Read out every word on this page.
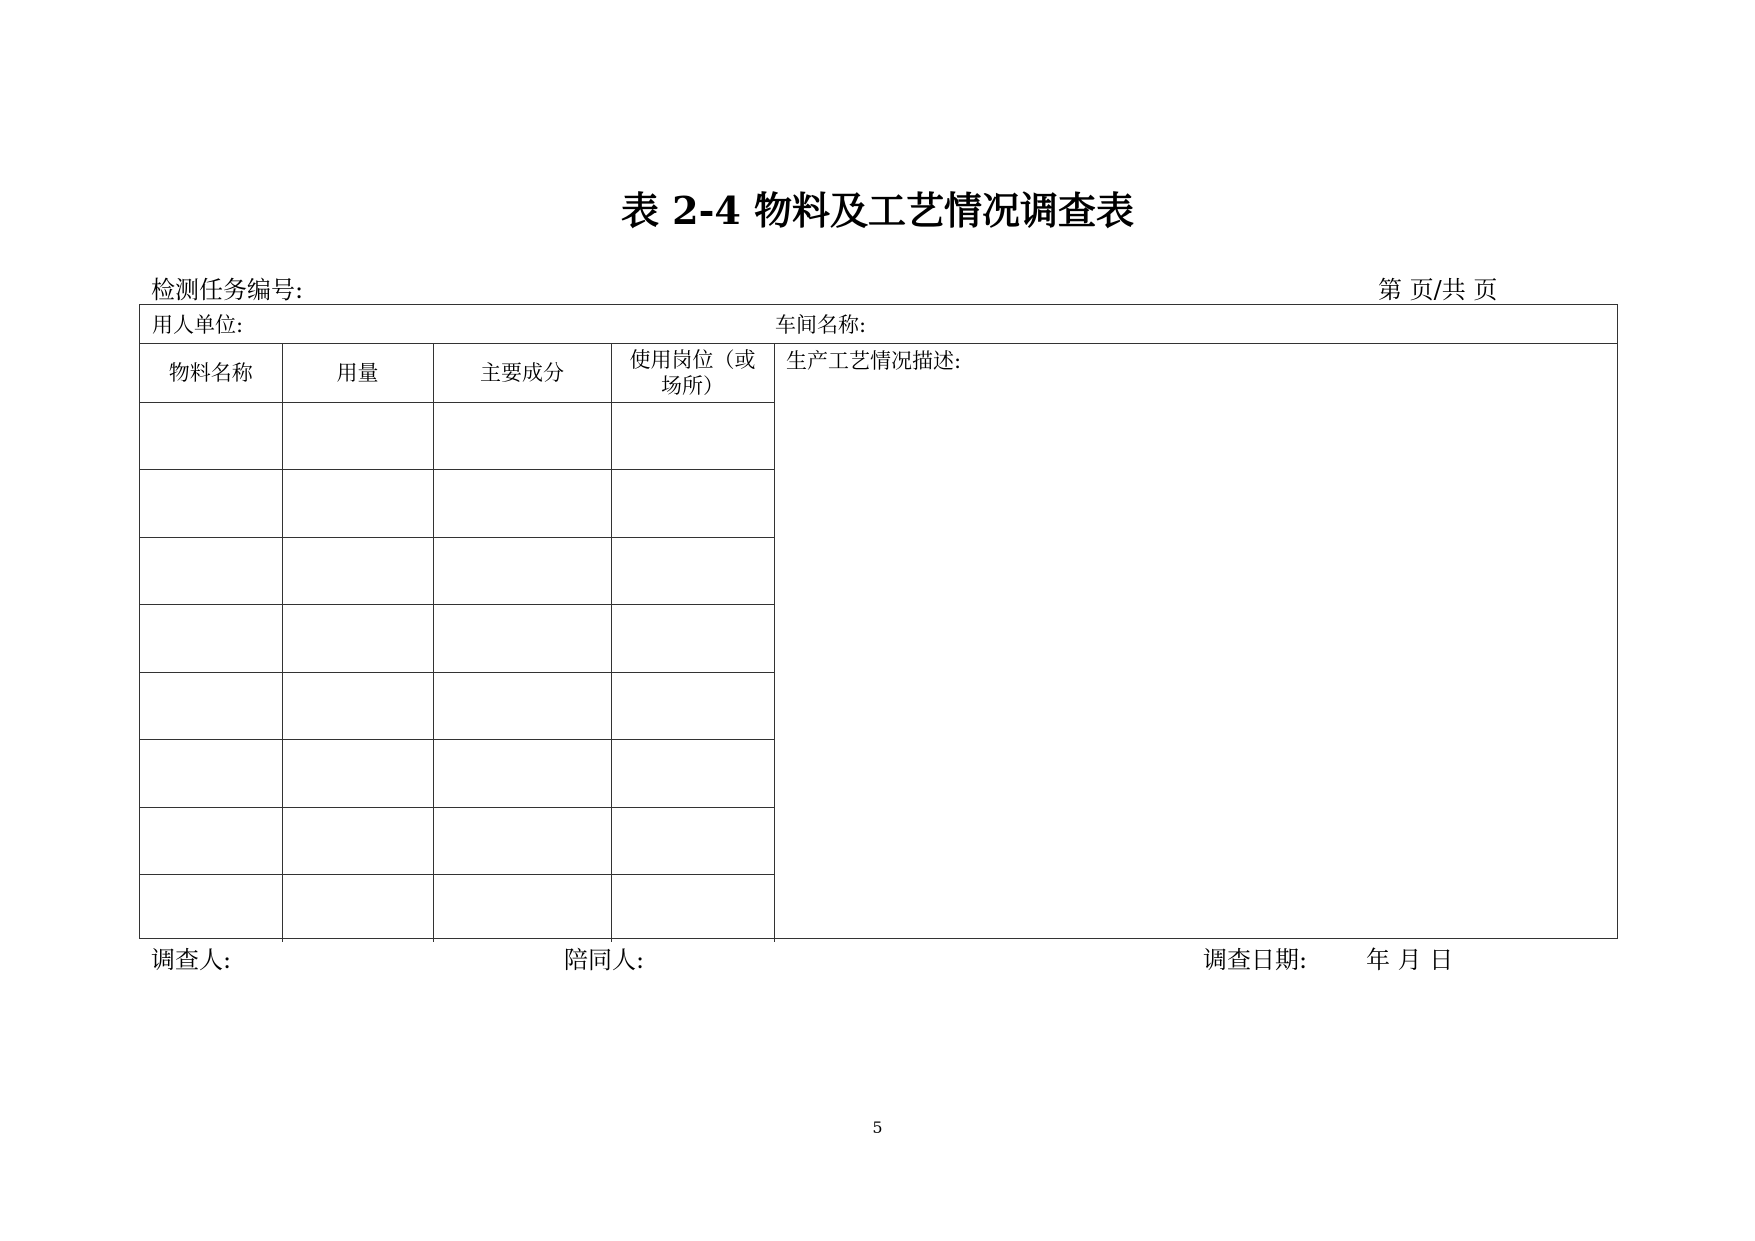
表 2-4 物料及工艺情况调查表
检测任务编号:	第 页/共 页
用人单位:	车间名称:
物料名称	用量	主要成分	使用岗位（或
场所）

生产工艺情况描述:
调查人:	陪同人:	调查日期: 年 月 日
5
